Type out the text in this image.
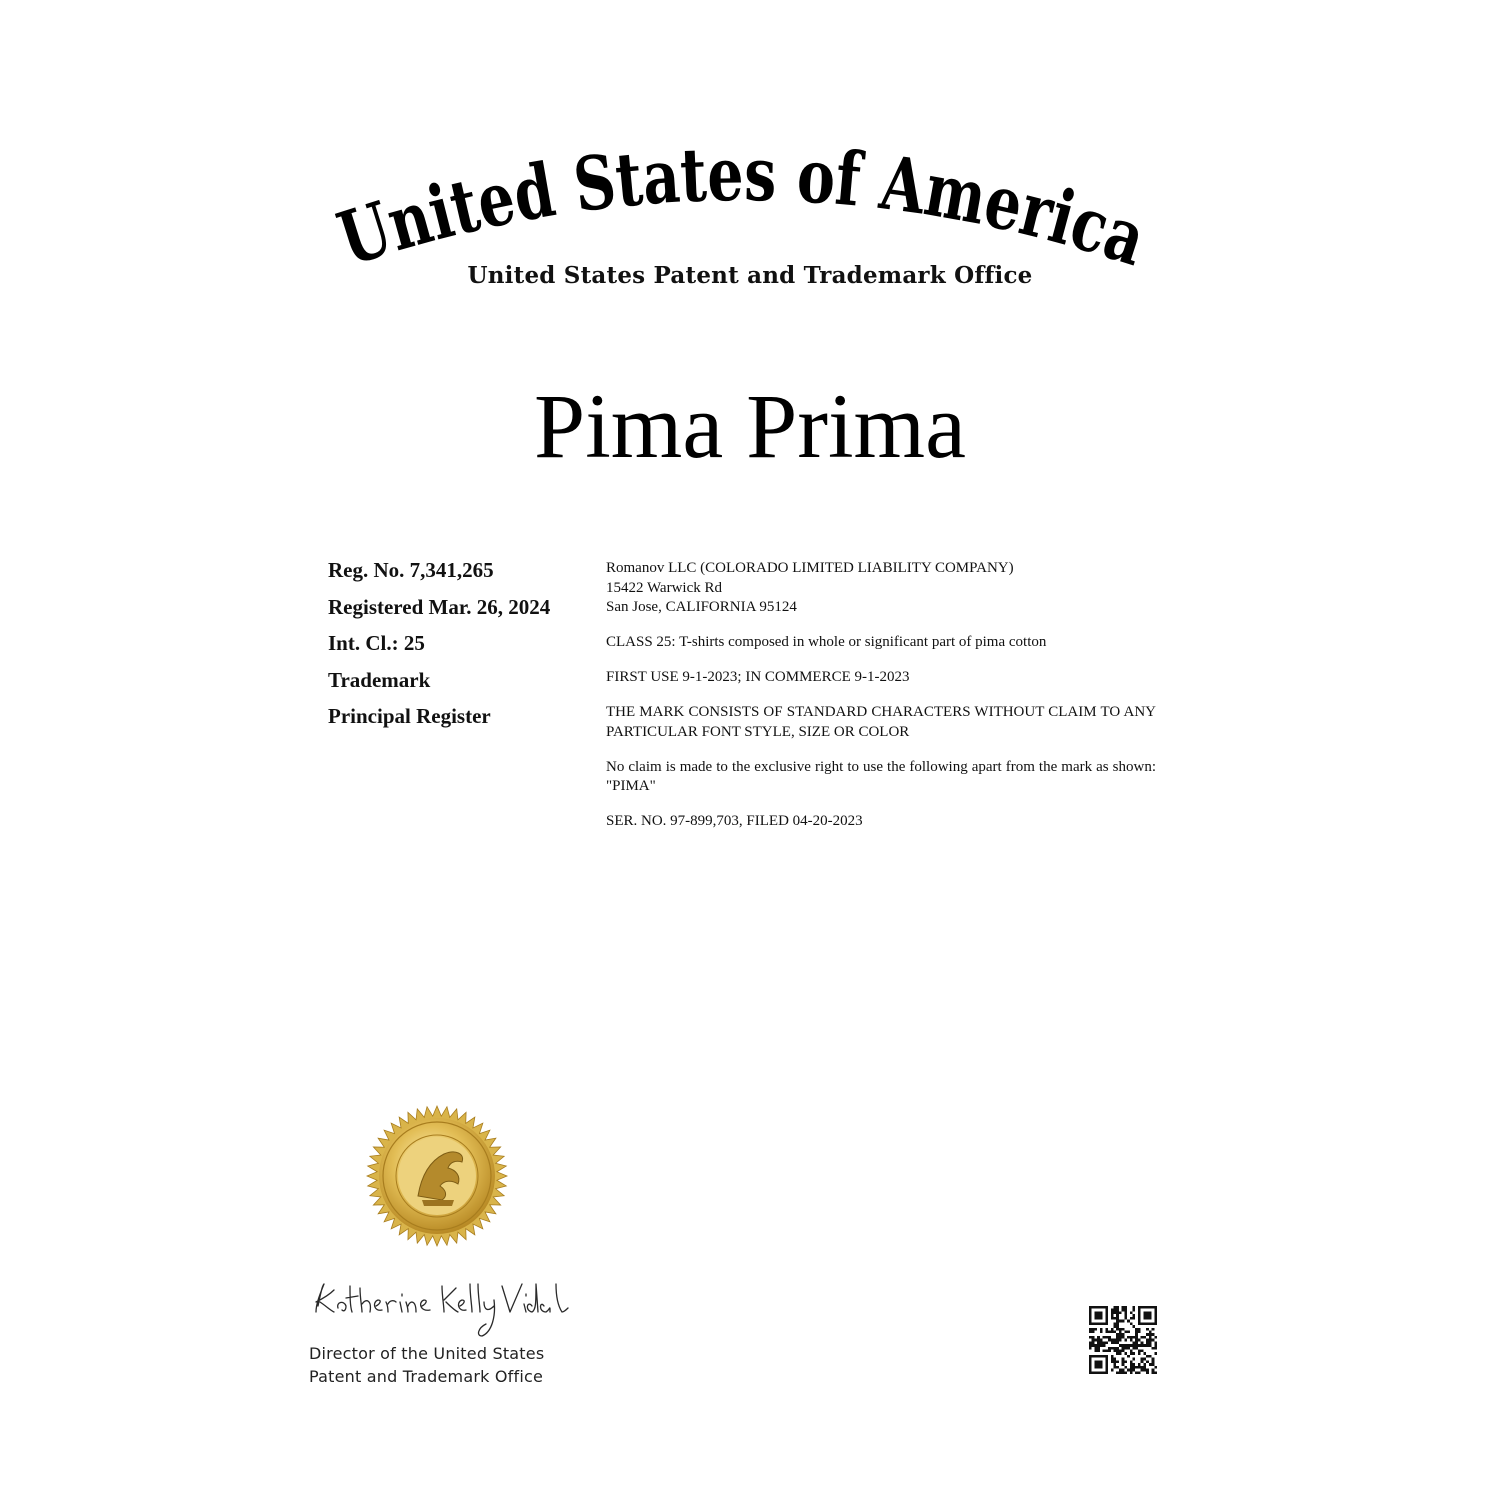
United States of America
United States Patent and Trademark Office
Pima Prima
Reg. No. 7,341,265
Registered Mar. 26, 2024
Int. Cl.: 25
Trademark
Principal Register

Romanov LLC (COLORADO LIMITED LIABILITY COMPANY)

15422 Warwick Rd

San Jose, CALIFORNIA 95124

CLASS 25: T-shirts composed in whole or significant part of pima cotton

FIRST USE 9-1-2023; IN COMMERCE 9-1-2023

THE MARK CONSISTS OF STANDARD CHARACTERS WITHOUT CLAIM TO ANY PARTICULAR FONT STYLE, SIZE OR COLOR

No claim is made to the exclusive right to use the following apart from the mark as shown: "PIMA"

SER. NO. 97-899,703, FILED 04-20-2023

Director of the United States
Patent and Trademark Office
